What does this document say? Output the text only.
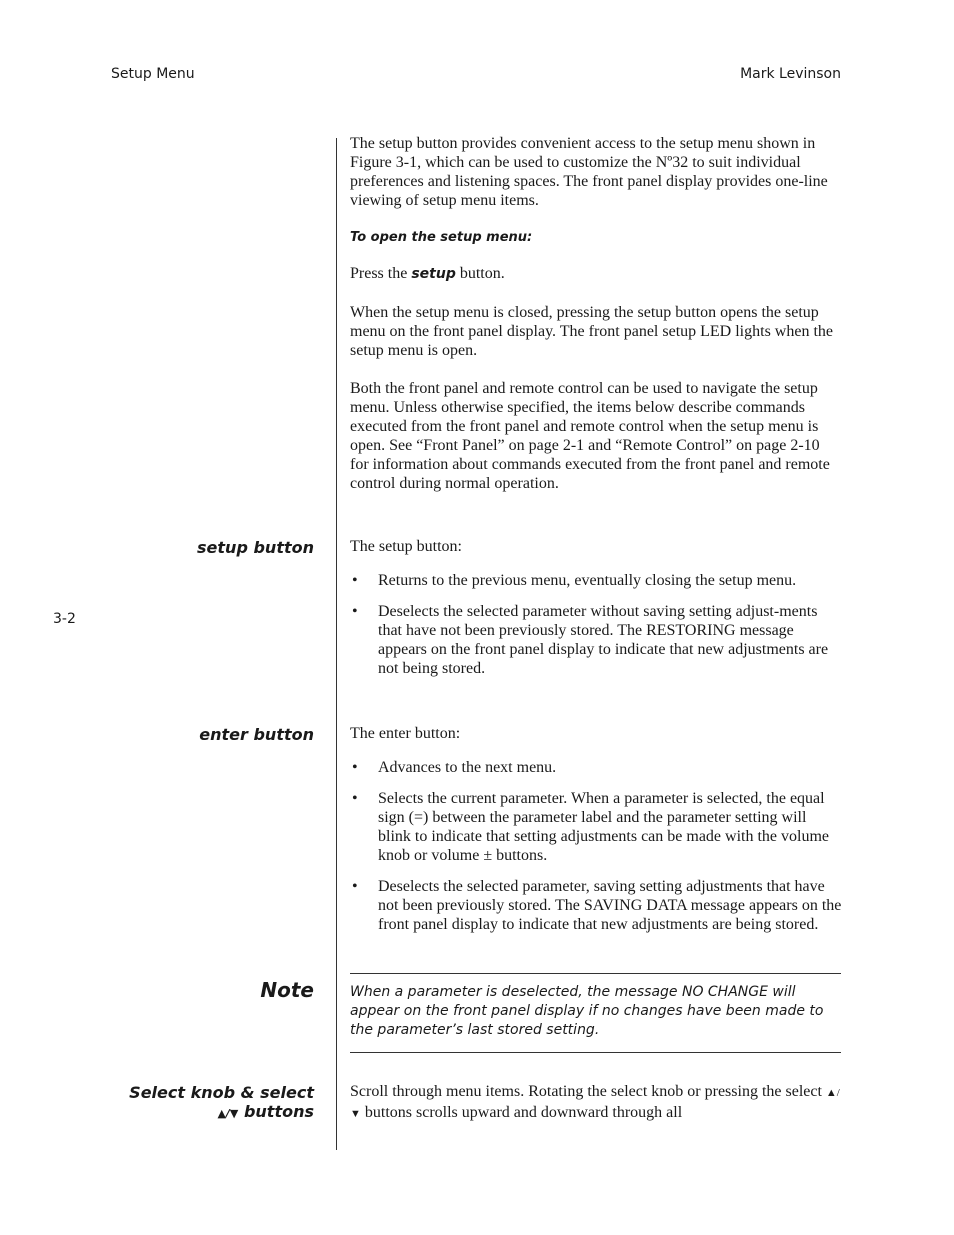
Setup Menu	Mark Levinson
3-2

The setup button provides convenient access to the setup menu shown in Figure 3-1, which can be used to customize the Nº32 to suit individual preferences and listening spaces. The front panel display provides one-line viewing of setup menu items.

To open the setup menu:

Press the setup button.

When the setup menu is closed, pressing the setup button opens the setup menu on the front panel display. The front panel setup LED lights when the setup menu is open.

Both the front panel and remote control can be used to navigate the setup menu. Unless otherwise specified, the items below describe commands executed from the front panel and remote control when the setup menu is open. See “Front Panel” on page 2-1 and “Remote Control” on page 2-10 for information about commands executed from the front panel and remote control during normal operation.

setup button The setup button:

• Returns to the previous menu, eventually closing the setup menu.
• Deselects the selected parameter without saving setting adjust-ments that have not been previously stored. The RESTORING message appears on the front panel display to indicate that new adjustments are not being stored.
enter button The enter button:

• Advances to the next menu.
• Selects the current parameter. When a parameter is selected, the equal sign (=) between the parameter label and the parameter setting will blink to indicate that setting adjustments can be made with the volume knob or volume ± buttons.
• Deselects the selected parameter, saving setting adjustments that have not been previously stored. The SAVING DATA message appears on the front panel display to indicate that new adjustments are being stored.
Note	When a parameter is deselected, the message NO CHANGE will appear on the front panel display if no changes have been made to the parameter’s last stored setting.
Select knob & select
▲/▼ buttons

Scroll through menu items. Rotating the select knob or pressing the select ▲/▼ buttons scrolls upward and downward through all
